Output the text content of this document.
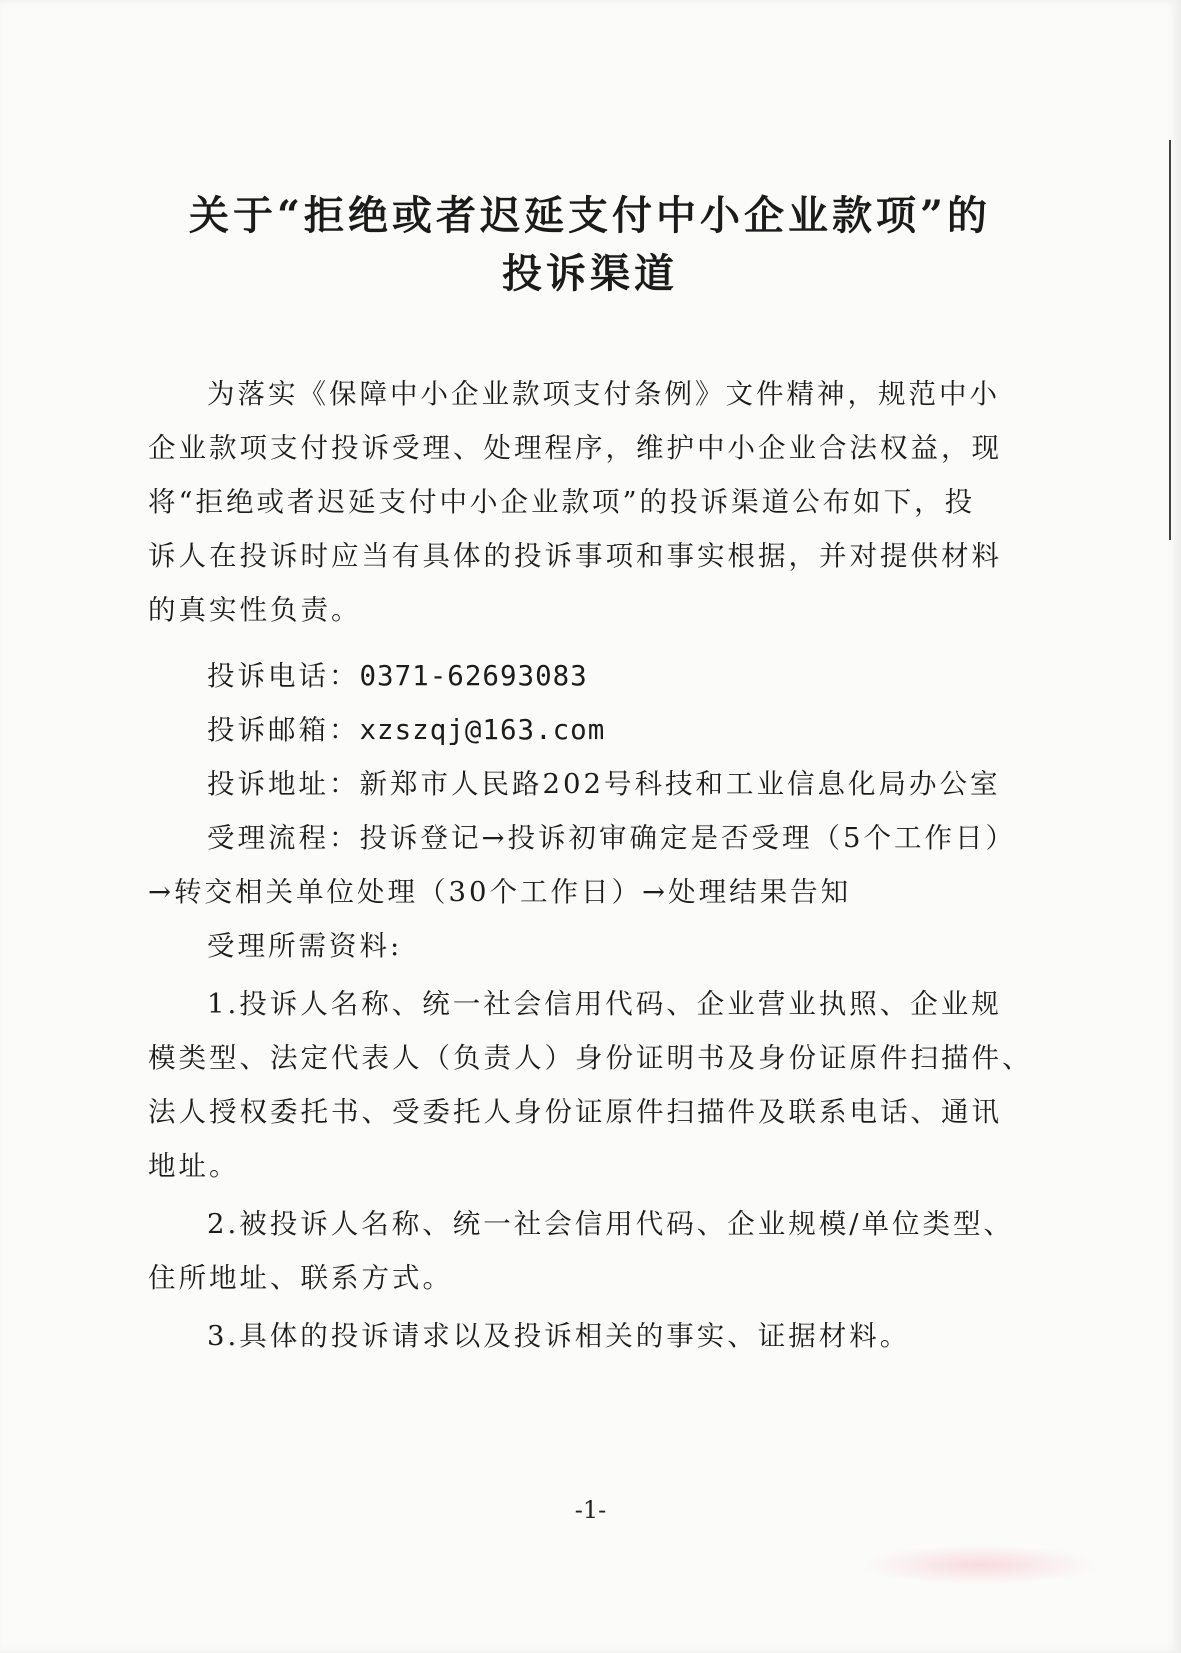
关于“拒绝或者迟延支付中小企业款项”的
投诉渠道
为落实《保障中小企业款项支付条例》文件精神，规范中小
企业款项支付投诉受理、处理程序，维护中小企业合法权益，现
将“拒绝或者迟延支付中小企业款项”的投诉渠道公布如下，投
诉人在投诉时应当有具体的投诉事项和事实根据，并对提供材料
的真实性负责。
投诉电话：0371-62693083
投诉邮箱：xzszqj@163.com
投诉地址：新郑市人民路202号科技和工业信息化局办公室
受理流程：投诉登记→投诉初审确定是否受理（5个工作日）
→转交相关单位处理（30个工作日）→处理结果告知
受理所需资料:
1.投诉人名称、统一社会信用代码、企业营业执照、企业规
模类型、法定代表人（负责人）身份证明书及身份证原件扫描件、
法人授权委托书、受委托人身份证原件扫描件及联系电话、通讯
地址。
2.被投诉人名称、统一社会信用代码、企业规模/单位类型、
住所地址、联系方式。
3.具体的投诉请求以及投诉相关的事实、证据材料。
-1-
